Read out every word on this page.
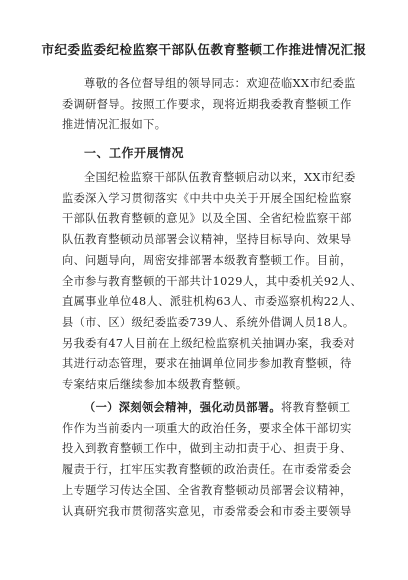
市纪委监委纪检监察干部队伍教育整顿工作推进情况汇报
尊敬的各位督导组的领导同志：欢迎莅临XX市纪委监
委调研督导。按照工作要求，现将近期我委教育整顿工作
推进情况汇报如下。
一、工作开展情况
全国纪检监察干部队伍教育整顿启动以来，XX市纪委
监委深入学习贯彻落实《中共中央关于开展全国纪检监察
干部队伍教育整顿的意见》以及全国、全省纪检监察干部
队伍教育整顿动员部署会议精神，坚持目标导向、效果导
向、问题导向，周密安排部署本级教育整顿工作。目前，
全市参与教育整顿的干部共计1029人，其中委机关92人、
直属事业单位48人、派驻机构63人、市委巡察机构22人、
县（市、区）级纪委监委739人、系统外借调人员18人。
另我委有47人目前在上级纪检监察机关抽调办案，我委对
其进行动态管理，要求在抽调单位同步参加教育整顿，待
专案结束后继续参加本级教育整顿。
（一）深刻领会精神，强化动员部署。将教育整顿工
作作为当前委内一项重大的政治任务，要求全体干部切实
投入到教育整顿工作中，做到主动扣责于心、担责于身、
履责于行，扛牢压实教育整顿的政治责任。在市委常委会
上专题学习传达全国、全省教育整顿动员部署会议精神，
认真研究我市贯彻落实意见，市委常委会和市委主要领导
